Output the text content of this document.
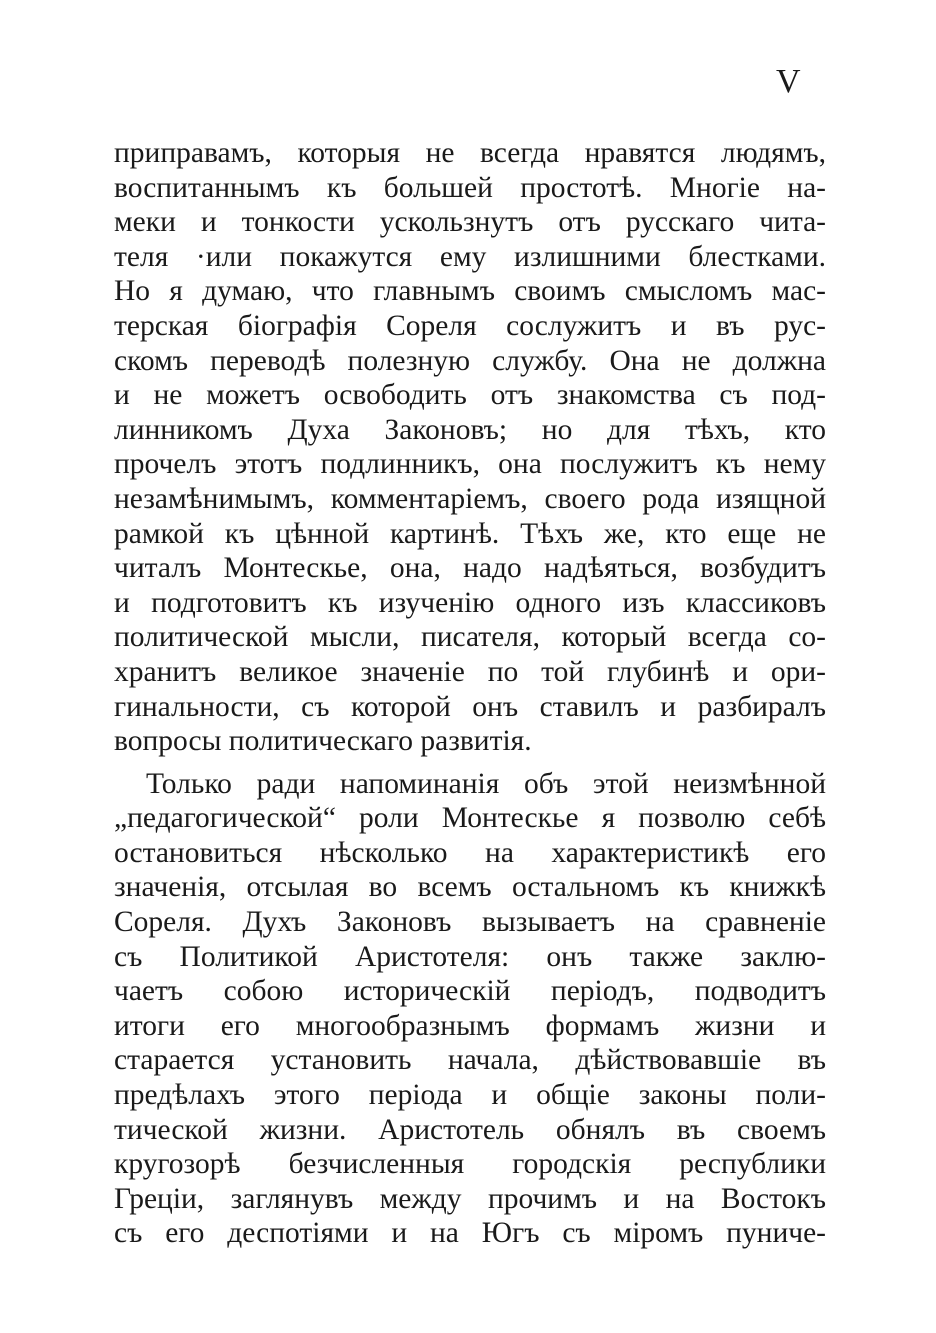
V
приправамъ, которыя не всегда нравятся людямъ,
воспитаннымъ къ большей простотѣ. Многіе на-
меки и тонкости ускользнутъ отъ русскаго чита-
теля ·или покажутся ему излишними блестками.
Но я думаю, что главнымъ своимъ смысломъ мас-
терская біографія Сореля сослужитъ и въ рус-
скомъ переводѣ полезную службу. Она не должна
и не можетъ освободить отъ знакомства съ под-
линникомъ Духа Законовъ; но для тѣхъ, кто
прочелъ этотъ подлинникъ, она послужитъ къ нему
незамѣнимымъ, комментаріемъ, своего рода изящной
рамкой къ цѣнной картинѣ. Тѣхъ же, кто еще не
читалъ Монтескье, она, надо надѣяться, возбудитъ
и подготовитъ къ изученію одного изъ классиковъ
политической мысли, писателя, который всегда со-
хранитъ великое значеніе по той глубинѣ и ори-
гинальности, съ которой онъ ставилъ и разбиралъ
вопросы политическаго развитія.
Только ради напоминанія объ этой неизмѣнной
„педагогической“ роли Монтескье я позволю себѣ
остановиться нѣсколько на характеристикѣ его
значенія, отсылая во всемъ остальномъ къ книжкѣ
Сореля. Духъ Законовъ вызываетъ на сравненіе
съ Политикой Аристотеля: онъ также заклю-
чаетъ собою историческій періодъ, подводитъ
итоги его многообразнымъ формамъ жизни и
старается установить начала, дѣйствовавшіе въ
предѣлахъ этого періода и общіе законы поли-
тической жизни. Аристотель обнялъ въ своемъ
кругозорѣ безчисленныя городскія республики
Греціи, заглянувъ между прочимъ и на Востокъ
съ его деспотіями и на Югъ съ міромъ пуниче-
